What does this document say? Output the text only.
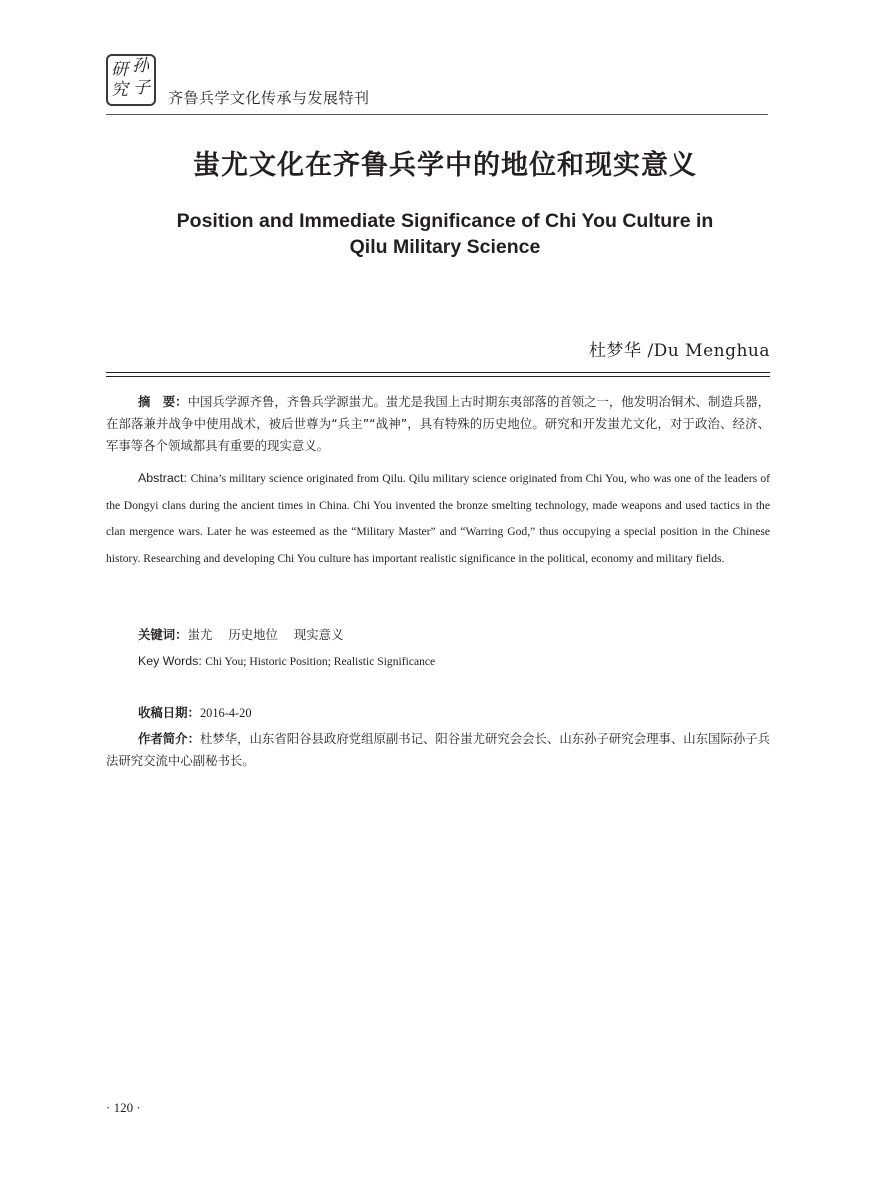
研 孙
究 子 齐鲁兵学文化传承与发展特刊
蚩尤文化在齐鲁兵学中的地位和现实意义
Position and Immediate Significance of Chi You Culture in
Qilu Military Science
杜梦华 /Du Menghua
摘　要：中国兵学源齐鲁，齐鲁兵学源蚩尤。蚩尤是我国上古时期东夷部落的首领之一，他发明冶铜术、制造兵器，在部落兼并战争中使用战术，被后世尊为“兵主”“战神”，具有特殊的历史地位。研究和开发蚩尤文化，对于政治、经济、军事等各个领域都具有重要的现实意义。
Abstract: China’s military science originated from Qilu. Qilu military science originated from Chi You, who was one of the leaders of the Dongyi clans during the ancient times in China. Chi You invented the bronze smelting technology, made weapons and used tactics in the clan mergence wars. Later he was esteemed as the “Military Master” and “Warring God,” thus occupying a special position in the Chinese history. Researching and developing Chi You culture has important realistic significance in the political, economy and military fields.
关键词：蚩尤 历史地位 现实意义
Key Words: Chi You; Historic Position; Realistic Significance
收稿日期：2016-4-20
作者简介：杜梦华，山东省阳谷县政府党组原副书记、阳谷蚩尤研究会会长、山东孙子研究会理事、山东国际孙子兵法研究交流中心副秘书长。
· 120 ·
